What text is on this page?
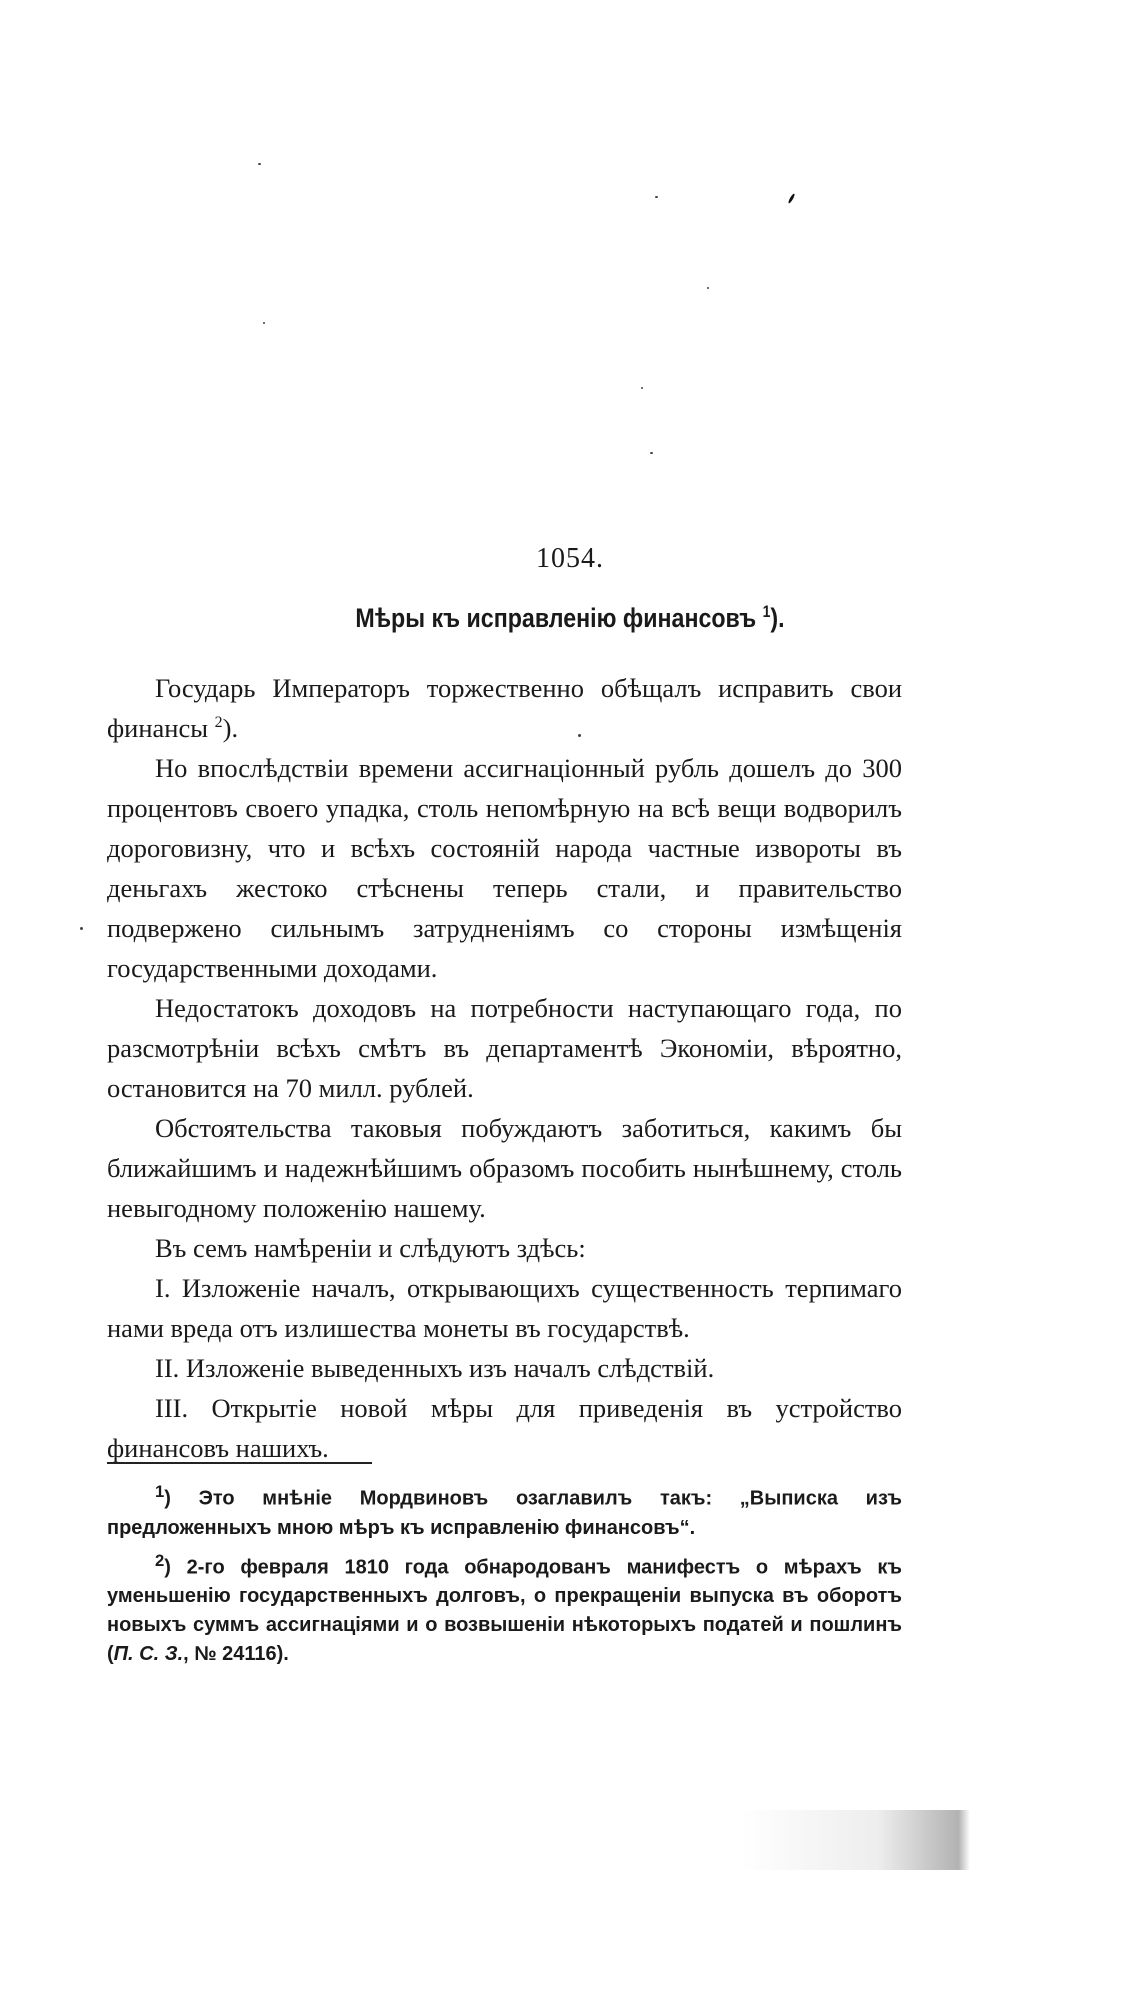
1054.
Мѣры къ исправленію финансовъ $^1$).

Государь Императоръ торжественно обѣщалъ исправить свои финансы $^2$).

Но впослѣдствіи времени ассигнаціонный рубль дошелъ до 300 процентовъ своего упадка, столь непомѣрную на всѣ вещи водворилъ дороговизну, что и всѣхъ состояній народа частные извороты въ деньгахъ жестоко стѣснены теперь стали, и правительство подвержено сильнымъ затрудненіямъ со стороны измѣщенія государственными доходами.

Недостатокъ доходовъ на потребности наступающаго года, по разсмотрѣніи всѣхъ смѣтъ въ департаментѣ Экономіи, вѣроятно, остановится на 70 милл. рублей.

Обстоятельства таковыя побуждаютъ заботиться, какимъ бы ближайшимъ и надежнѣйшимъ образомъ пособить нынѣшнему, столь невыгодному положенію нашему.

Въ семъ намѣреніи и слѣдуютъ здѣсь:

I. Изложеніе началъ, открывающихъ существенность терпимаго нами вреда отъ излишества монеты въ государствѣ.

II. Изложеніе выведенныхъ изъ началъ слѣдствій.

III. Открытіе новой мѣры для приведенія въ устройство финансовъ нашихъ.

$^1$) Это мнѣніе Мордвиновъ озаглавилъ такъ: „Выписка изъ предложенныхъ мною мѣръ къ исправленію финансовъ“.

$^2$) 2-го февраля 1810 года обнародованъ манифестъ о мѣрахъ къ уменьшенію государственныхъ долговъ, о прекращеніи выпуска въ оборотъ новыхъ суммъ ассигнаціями и о возвышеніи нѣкоторыхъ податей и пошлинъ (П. С. З., № 24116).
